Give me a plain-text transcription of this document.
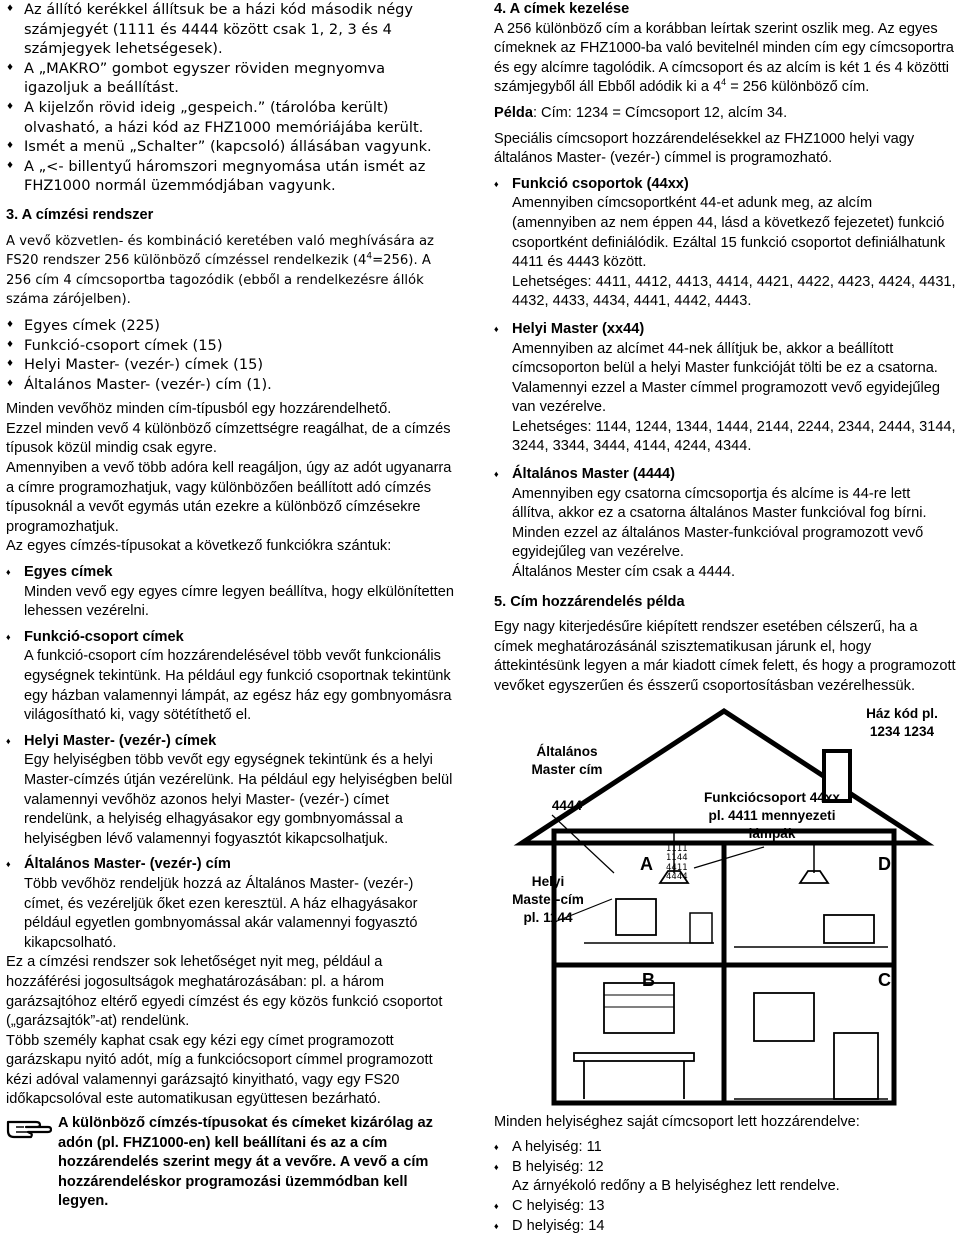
♦ Az állító kerékkel állítsuk be a házi kód második négy számjegyét (1111 és 4444 között csak 1, 2, 3 és 4 számjegyek lehetségesek).
♦ A „MAKRO” gombot egyszer röviden megnyomva igazoljuk a beállítást.
♦ A kijelzőn rövid ideig „gespeich.” (tárolóba került) olvasható, a házi kód az FHZ1000 memóriájába került.
♦ Ismét a menü „Schalter” (kapcsoló) állásában vagyunk.
♦ A „<- billentyű háromszori megnyomása után ismét az FHZ1000 normál üzemmódjában vagyunk.
3. A címzési rendszer

A vevő közvetlen- és kombináció keretében való meghívására az FS20 rendszer 256 különböző címzéssel rendelkezik $(4^4=256)$. A 256 cím 4 címcsoportba tagozódik (ebből a rendelkezésre állók száma zárójelben).

♦ Egyes címek (225)
♦ Funkció-csoport címek (15)
♦ Helyi Master- (vezér-) címek (15)
♦ Általános Master- (vezér-) cím (1).

Minden vevőhöz minden cím-típusból egy hozzárendelhető.

Ezzel minden vevő 4 különböző címzettségre reagálhat, de a címzés típusok közül mindig csak egyre.

Amennyiben a vevő több adóra kell reagáljon, úgy az adót ugyanarra a címre programozhatjuk, vagy különbözően beállított adó címzés típusoknál a vevőt egymás után ezekre a különböző címzésekre programozhatjuk.

Az egyes címzés-típusokat a következő funkciókra szántuk:

♦ Egyes címek
Minden vevő egy egyes címre legyen beállítva, hogy elkülönítetten lehessen vezérelni.
♦ Funkció-csoport címek
A funkció-csoport cím hozzárendelésével több vevőt funkcionális egységnek tekintünk. Ha például egy funkció csoportnak tekintünk egy házban valamennyi lámpát, az egész ház egy gombnyomásra világosítható ki, vagy sötétíthető el.
♦ Helyi Master- (vezér-) címek
Egy helyiségben több vevőt egy egységnek tekintünk és a helyi Master-címzés útján vezérelünk. Ha például egy helyiségben belül valamennyi vevőhöz azonos helyi Master- (vezér-) címet rendelünk, a helyiség elhagyásakor egy gombnyomással a helyiségben lévő valamennyi fogyasztót kikapcsolhatjuk.
♦ Általános Master- (vezér-) cím
Több vevőhöz rendeljük hozzá az Általános Master- (vezér-) címet, és vezéreljük őket ezen keresztül. A ház elhagyásakor például egyetlen gombnyomással akár valamennyi fogyasztó kikapcsolható.

Ez a címzési rendszer sok lehetőséget nyit meg, például a hozzáférési jogosultságok meghatározásában: pl. a három garázsajtóhoz eltérő egyedi címzést és egy közös funkció csoportot („garázsajtók”-at) rendelünk.

Több személy kaphat csak egy kézi egy címet programozott garázskapu nyitó adót, míg a funkciócsoport címmel programozott kézi adóval valamennyi garázsajtó kinyitható, vagy egy FS20 időkapcsolóval este automatikusan együttesen bezárható.

A különböző címzés-típusokat és címeket kizárólag az adón (pl. FHZ1000-en) kell beállítani és az a cím hozzárendelés szerint megy át a vevőre. A vevő a cím hozzárendeléskor programozási üzemmódban kell legyen.
4. A címek kezelése

A 256 különböző cím a korábban leírtak szerint oszlik meg. Az egyes címeknek az FHZ1000-ba való bevitelnél minden cím egy címcsoportra és egy alcímre tagolódik. A címcsoport és az alcím is két 1 és 4 közötti számjegyből áll Ebből adódik ki a $4^4 = 256$ különböző cím.

Példa: Cím: 1234 = Címcsoport 12, alcím 34.

Speciális címcsoport hozzárendelésekkel az FHZ1000 helyi vagy általános Master- (vezér-) címmel is programozható.

♦ Funkció csoportok (44xx)
Amennyiben címcsoportként 44-et adunk meg, az alcím (amennyiben az nem éppen 44, lásd a következő fejezetet) funkció csoportként definiálódik. Ezáltal 15 funkció csoportot definiálhatunk 4411 és 4443 között.
Lehetséges: 4411, 4412, 4413, 4414, 4421, 4422, 4423, 4424, 4431, 4432, 4433, 4434, 4441, 4442, 4443.
♦ Helyi Master (xx44)
Amennyiben az alcímet 44-nek állítjuk be, akkor a beállított címcsoporton belül a helyi Master funkcióját tölti be ez a csatorna. Valamennyi ezzel a Master címmel programozott vevő egyidejűleg van vezérelve.
Lehetséges: 1144, 1244, 1344, 1444, 2144, 2244, 2344, 2444, 3144, 3244, 3344, 3444, 4144, 4244, 4344.
♦ Általános Master (4444)
Amennyiben egy csatorna címcsoportja és alcíme is 44-re lett állítva, akkor ez a csatorna általános Master funkcióval fog bírni. Minden ezzel az általános Master-funkcióval programozott vevő egyidejűleg van vezérelve.
Általános Mester cím csak a 4444.
5. Cím hozzárendelés példa

Egy nagy kiterjedésűre kiépített rendszer esetében célszerű, ha a címek meghatározásánál szisztematikusan járunk el, hogy áttekintésünk legyen a már kiadott címek felett, és hogy a programozott vevőket egyszerűen és ésszerű csoportosításban vezérelhessük.

Ház kód pl.
1234 1234
Általános
Master cím
4444
Funkciócsoport 44xx
pl. 4411 mennyezeti
lámpák
Helyi
Master-cím
pl. 1144
A	D
B	C
1111
1144
4411
4444

Minden helyiséghez saját címcsoport lett hozzárendelve:

♦ A helyiség: 11
♦ B helyiség: 12
Az árnyékoló redőny a B helyiséghez lett rendelve.
♦ C helyiség: 13
♦ D helyiség: 14
